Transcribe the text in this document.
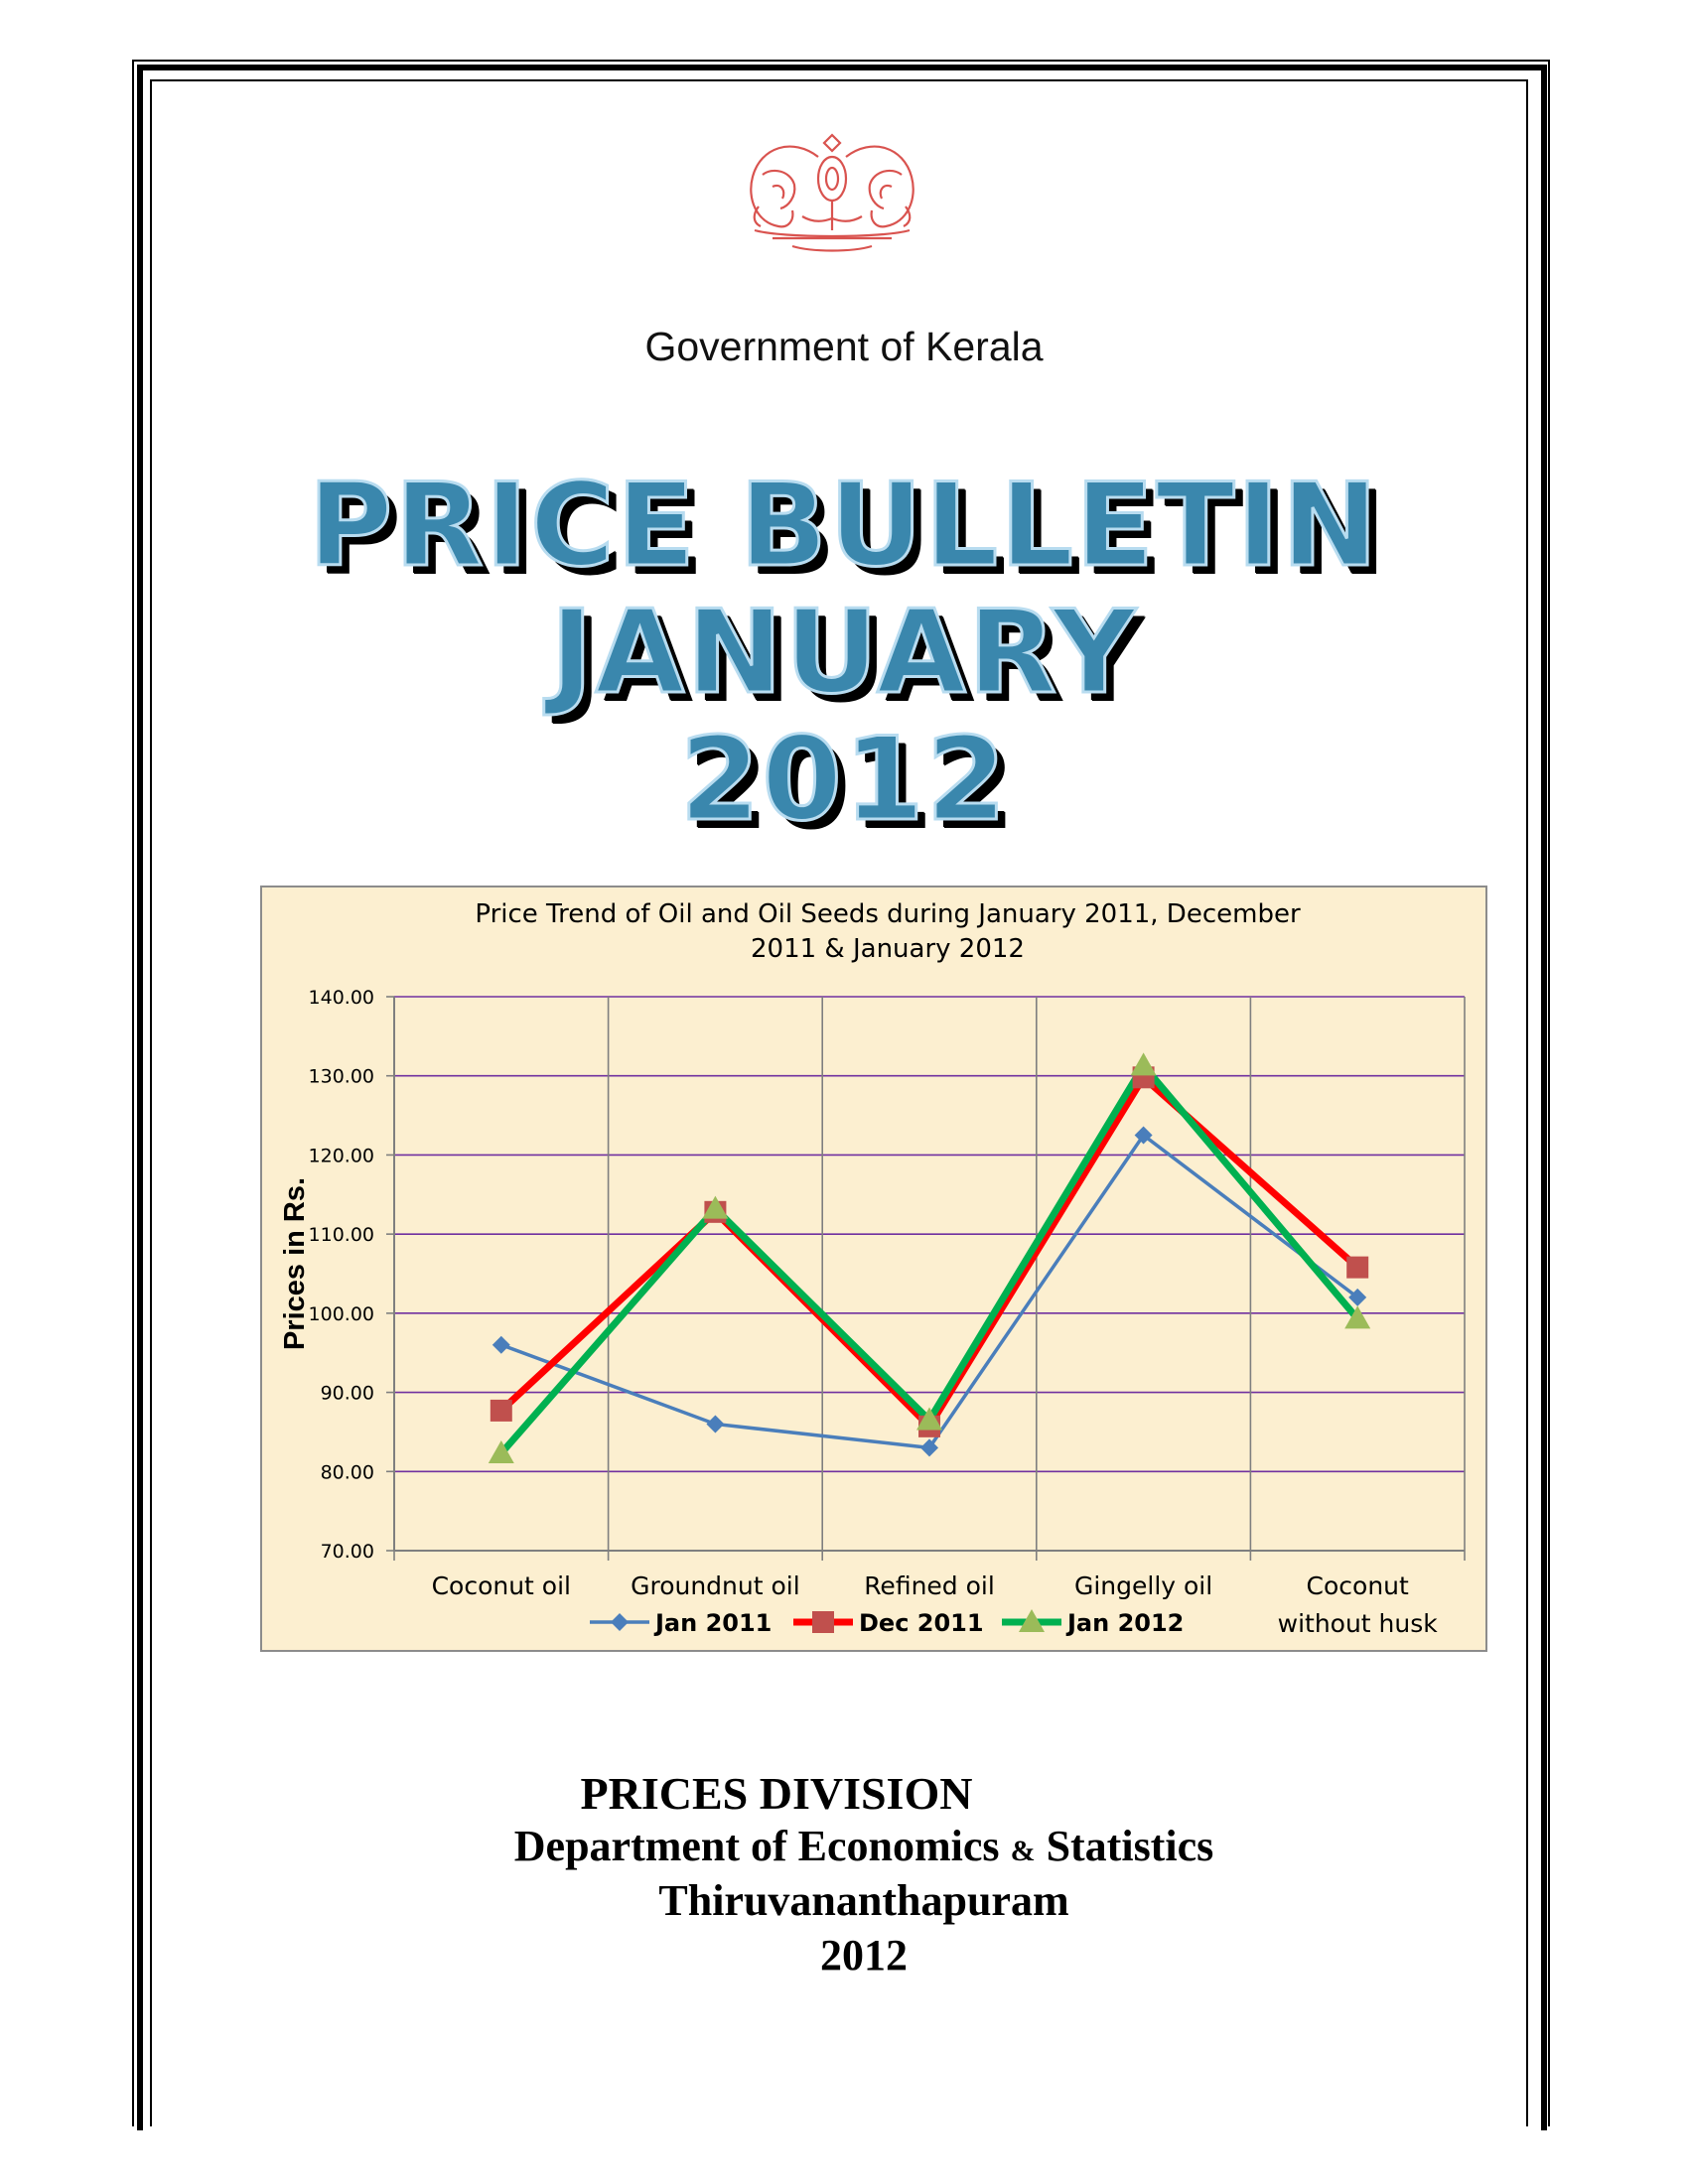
Government of Kerala
PRICE BULLETIN
JANUARY
2012
Price Trend of Oil and Oil Seeds during January 2011, December
2011 & January 2012
70.00
80.00
90.00
100.00
110.00
120.00
130.00
140.00
Coconut oil Groundnut oil	Refined oil	Gingelly oil	Coconut
without husk
Prices in Rs.
Jan 2011	Dec 2011	Jan 2012
PRICES DIVISION
Department of Economics & Statistics
Thiruvananthapuram
2012
